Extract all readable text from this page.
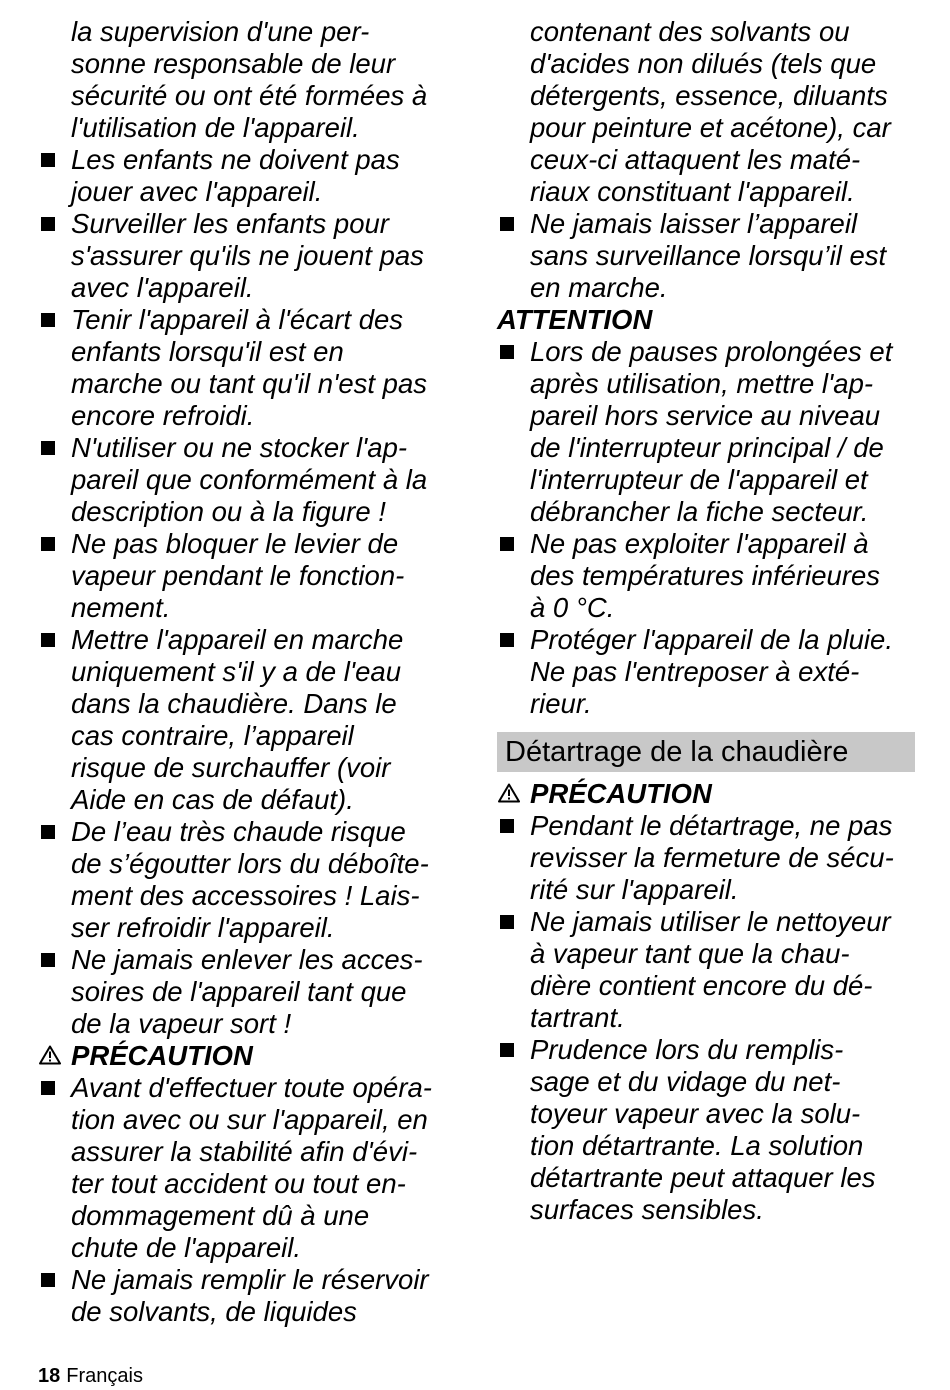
la supervision d'une per-
sonne responsable de leur
sécurité ou ont été formées à
l'utilisation de l'appareil.
Les enfants ne doivent pas
jouer avec l'appareil.
Surveiller les enfants pour
s'assurer qu'ils ne jouent pas
avec l'appareil.
Tenir l'appareil à l'écart des
enfants lorsqu'il est en
marche ou tant qu'il n'est pas
encore refroidi.
N'utiliser ou ne stocker l'ap-
pareil que conformément à la
description ou à la figure !
Ne pas bloquer le levier de
vapeur pendant le fonction-
nement.
Mettre l'appareil en marche
uniquement s'il y a de l'eau
dans la chaudière. Dans le
cas contraire, l’appareil
risque de surchauffer (voir
Aide en cas de défaut).
De l’eau très chaude risque
de s’égoutter lors du déboîte-
ment des accessoires ! Lais-
ser refroidir l'appareil.
Ne jamais enlever les acces-
soires de l'appareil tant que
de la vapeur sort !
PRÉCAUTION
Avant d'effectuer toute opéra-
tion avec ou sur l'appareil, en
assurer la stabilité afin d'évi-
ter tout accident ou tout en-
dommagement dû à une
chute de l'appareil.
Ne jamais remplir le réservoir
de solvants, de liquides
contenant des solvants ou
d'acides non dilués (tels que
détergents, essence, diluants
pour peinture et acétone), car
ceux-ci attaquent les maté-
riaux constituant l'appareil.
Ne jamais laisser l’appareil
sans surveillance lorsqu’il est
en marche.
ATTENTION
Lors de pauses prolongées et
après utilisation, mettre l'ap-
pareil hors service au niveau
de l'interrupteur principal / de
l'interrupteur de l'appareil et
débrancher la fiche secteur.
Ne pas exploiter l'appareil à
des températures inférieures
à 0 °C.
Protéger l'appareil de la pluie.
Ne pas l'entreposer à exté-
rieur.
Détartrage de la chaudière
PRÉCAUTION
Pendant le détartrage, ne pas
revisser la fermeture de sécu-
rité sur l'appareil.
Ne jamais utiliser le nettoyeur
à vapeur tant que la chau-
dière contient encore du dé-
tartrant.
Prudence lors du remplis-
sage et du vidage du net-
toyeur vapeur avec la solu-
tion détartrante. La solution
détartrante peut attaquer les
surfaces sensibles.
18 Français
